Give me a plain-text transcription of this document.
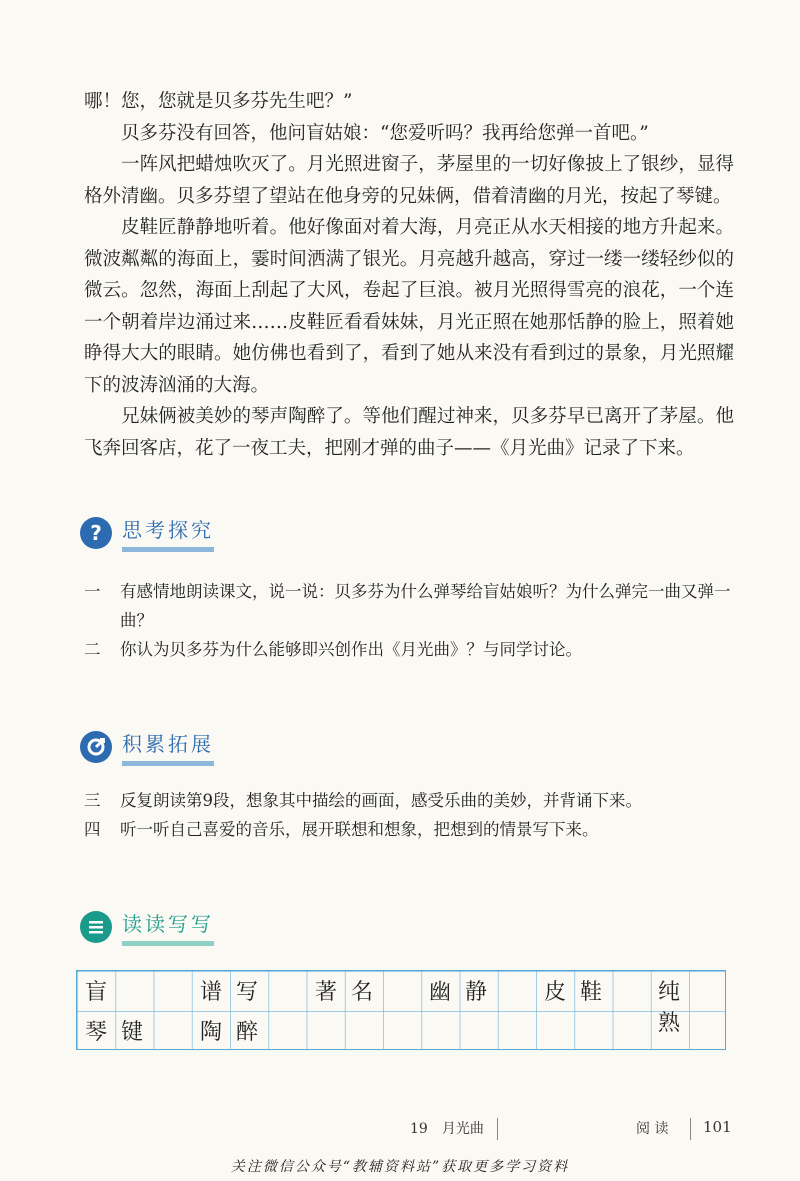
哪！您，您就是贝多芬先生吧？”

贝多芬没有回答，他问盲姑娘：“您爱听吗？我再给您弹一首吧。”

一阵风把蜡烛吹灭了。月光照进窗子，茅屋里的一切好像披上了银纱，显得格外清幽。贝多芬望了望站在他身旁的兄妹俩，借着清幽的月光，按起了琴键。

皮鞋匠静静地听着。他好像面对着大海，月亮正从水天相接的地方升起来。微波粼粼的海面上，霎时间洒满了银光。月亮越升越高，穿过一缕一缕轻纱似的微云。忽然，海面上刮起了大风，卷起了巨浪。被月光照得雪亮的浪花，一个连一个朝着岸边涌过来……皮鞋匠看看妹妹，月光正照在她那恬静的脸上，照着她睁得大大的眼睛。她仿佛也看到了，看到了她从来没有看到过的景象，月光照耀下的波涛汹涌的大海。

兄妹俩被美妙的琴声陶醉了。等他们醒过神来，贝多芬早已离开了茅屋。他飞奔回客店，花了一夜工夫，把刚才弹的曲子——《月光曲》记录了下来。

?	思考探究
一	有感情地朗读课文，说一说：贝多芬为什么弹琴给盲姑娘听？为什么弹完一曲又弹一曲？
二	你认为贝多芬为什么能够即兴创作出《月光曲》？与同学讨论。
积累拓展
三	反复朗读第9段，想象其中描绘的画面，感受乐曲的美妙，并背诵下来。
四	听一听自己喜爱的音乐，展开联想和想象，把想到的情景写下来。
读读写写
盲	谱写 著名 幽静 皮鞋 纯熟
琴键 陶醉
19　月光曲	阅 读 101
关注微信公众号“教辅资料站”获取更多学习资料
